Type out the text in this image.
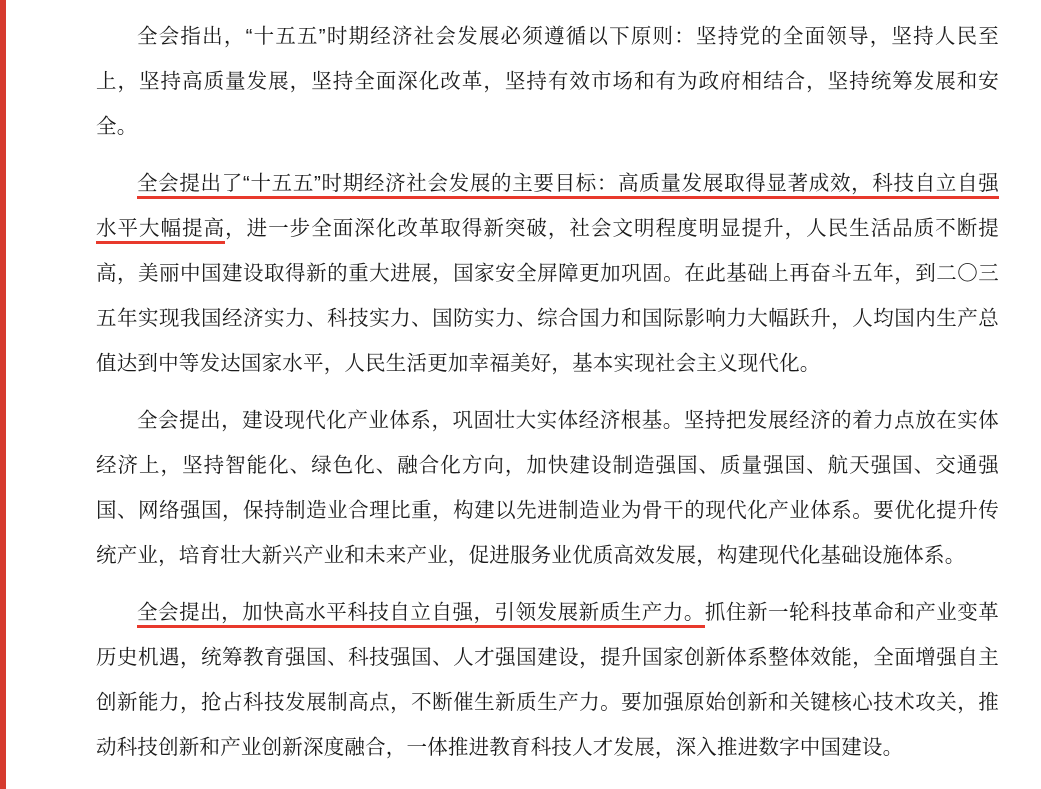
全会指出，“十五五”时期经济社会发展必须遵循以下原则：坚持党的全面领导，坚持人民至上，坚持高质量发展，坚持全面深化改革，坚持有效市场和有为政府相结合，坚持统筹发展和安全。

全会提出了“十五五”时期经济社会发展的主要目标：高质量发展取得显著成效，科技自立自强水平大幅提高，进一步全面深化改革取得新突破，社会文明程度明显提升，人民生活品质不断提高，美丽中国建设取得新的重大进展，国家安全屏障更加巩固。在此基础上再奋斗五年，到二〇三五年实现我国经济实力、科技实力、国防实力、综合国力和国际影响力大幅跃升，人均国内生产总值达到中等发达国家水平，人民生活更加幸福美好，基本实现社会主义现代化。

全会提出，建设现代化产业体系，巩固壮大实体经济根基。坚持把发展经济的着力点放在实体经济上，坚持智能化、绿色化、融合化方向，加快建设制造强国、质量强国、航天强国、交通强国、网络强国，保持制造业合理比重，构建以先进制造业为骨干的现代化产业体系。要优化提升传统产业，培育壮大新兴产业和未来产业，促进服务业优质高效发展，构建现代化基础设施体系。

全会提出，加快高水平科技自立自强，引领发展新质生产力。抓住新一轮科技革命和产业变革历史机遇，统筹教育强国、科技强国、人才强国建设，提升国家创新体系整体效能，全面增强自主创新能力，抢占科技发展制高点，不断催生新质生产力。要加强原始创新和关键核心技术攻关，推动科技创新和产业创新深度融合，一体推进教育科技人才发展，深入推进数字中国建设。
